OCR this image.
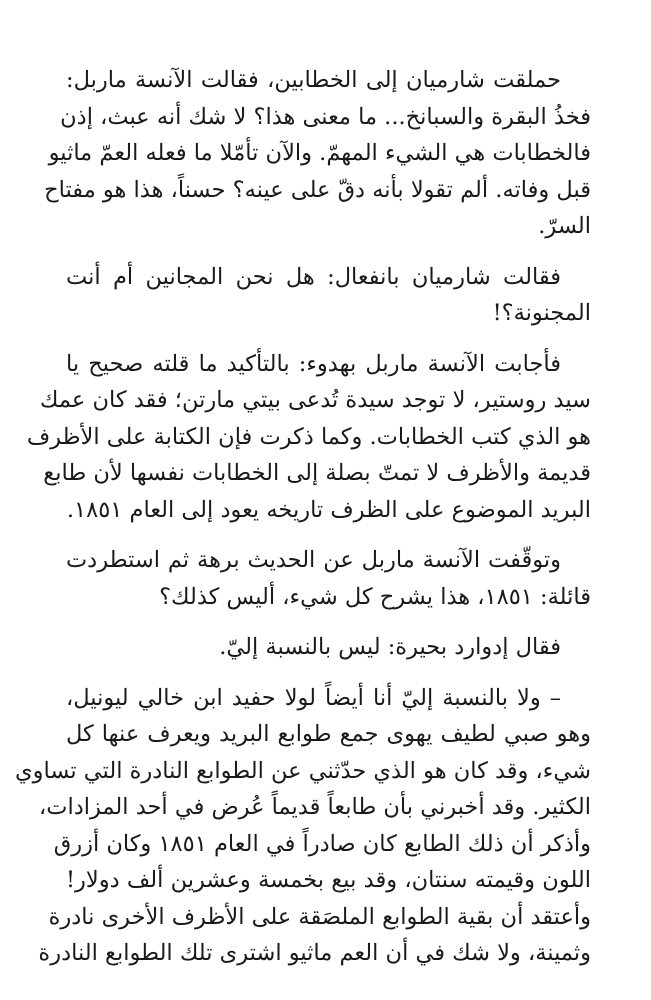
حملقت شارميان إلى الخطابين، فقالت الآنسة ماربل:
فخذُ البقرة والسبانخ... ما معنى هذا؟ لا شك أنه عبث، إذن
فالخطابات هي الشيء المهمّ. والآن تأمّلا ما فعله العمّ ماثيو
قبل وفاته. ألم تقولا بأنه دقّ على عينه؟ حسناً، هذا هو مفتاح
السرّ.
فقالت شارميان بانفعال: هل نحن المجانين أم أنت
المجنونة؟!
فأجابت الآنسة ماربل بهدوء: بالتأكيد ما قلته صحيح يا
سيد روستير، لا توجد سيدة تُدعى بيتي مارتن؛ فقد كان عمك
هو الذي كتب الخطابات. وكما ذكرت فإن الكتابة على الأظرف
قديمة والأظرف لا تمتّ بصلة إلى الخطابات نفسها لأن طابع
البريد الموضوع على الظرف تاريخه يعود إلى العام ١٨٥١.
وتوقّفت الآنسة ماربل عن الحديث برهة ثم استطردت
قائلة: ١٨٥١، هذا يشرح كل شيء، أليس كذلك؟
فقال إدوارد بحيرة: ليس بالنسبة إليّ.
– ولا بالنسبة إليّ أنا أيضاً لولا حفيد ابن خالي ليونيل،
وهو صبي لطيف يهوى جمع طوابع البريد ويعرف عنها كل
شيء، وقد كان هو الذي حدّثني عن الطوابع النادرة التي تساوي
الكثير. وقد أخبرني بأن طابعاً قديماً عُرض في أحد المزادات،
وأذكر أن ذلك الطابع كان صادراً في العام ١٨٥١ وكان أزرق
اللون وقيمته سنتان، وقد بيع بخمسة وعشرين ألف دولار!
وأعتقد أن بقية الطوابع الملصَقة على الأظرف الأخرى نادرة
وثمينة، ولا شك في أن العم ماثيو اشترى تلك الطوابع النادرة
